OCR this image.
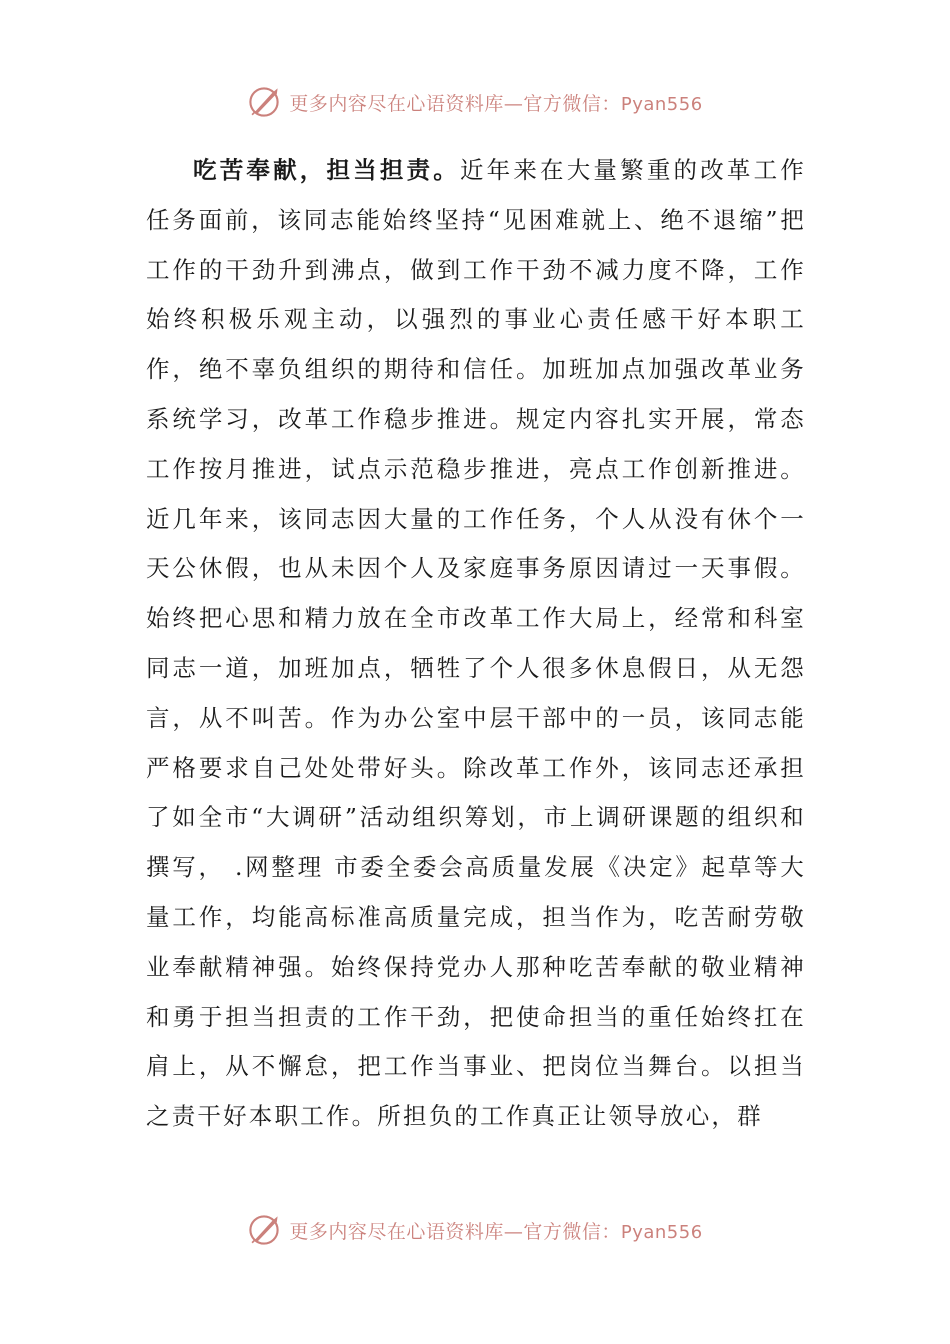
更多内容尽在心语资料库—官方微信：Pyan556

吃苦奉献，担当担责。近年来在大量繁重的改革工作任务面前，该同志能始终坚持“见困难就上、绝不退缩”把工作的干劲升到沸点，做到工作干劲不减力度不降，工作始终积极乐观主动，以强烈的事业心责任感干好本职工作，绝不辜负组织的期待和信任。加班加点加强改革业务系统学习，改革工作稳步推进。规定内容扎实开展，常态工作按月推进，试点示范稳步推进，亮点工作创新推进。近几年来，该同志因大量的工作任务，个人从没有休个一天公休假，也从未因个人及家庭事务原因请过一天事假。始终把心思和精力放在全市改革工作大局上，经常和科室同志一道，加班加点，牺牲了个人很多休息假日，从无怨言，从不叫苦。作为办公室中层干部中的一员，该同志能严格要求自己处处带好头。除改革工作外，该同志还承担了如全市“大调研”活动组织筹划，市上调研课题的组织和撰写， .网整理 市委全委会高质量发展《决定》起草等大量工作，均能高标准高质量完成，担当作为，吃苦耐劳敬业奉献精神强。始终保持党办人那种吃苦奉献的敬业精神和勇于担当担责的工作干劲，把使命担当的重任始终扛在肩上，从不懈怠，把工作当事业、把岗位当舞台。以担当之责干好本职工作。所担负的工作真正让领导放心，群

更多内容尽在心语资料库—官方微信：Pyan556
